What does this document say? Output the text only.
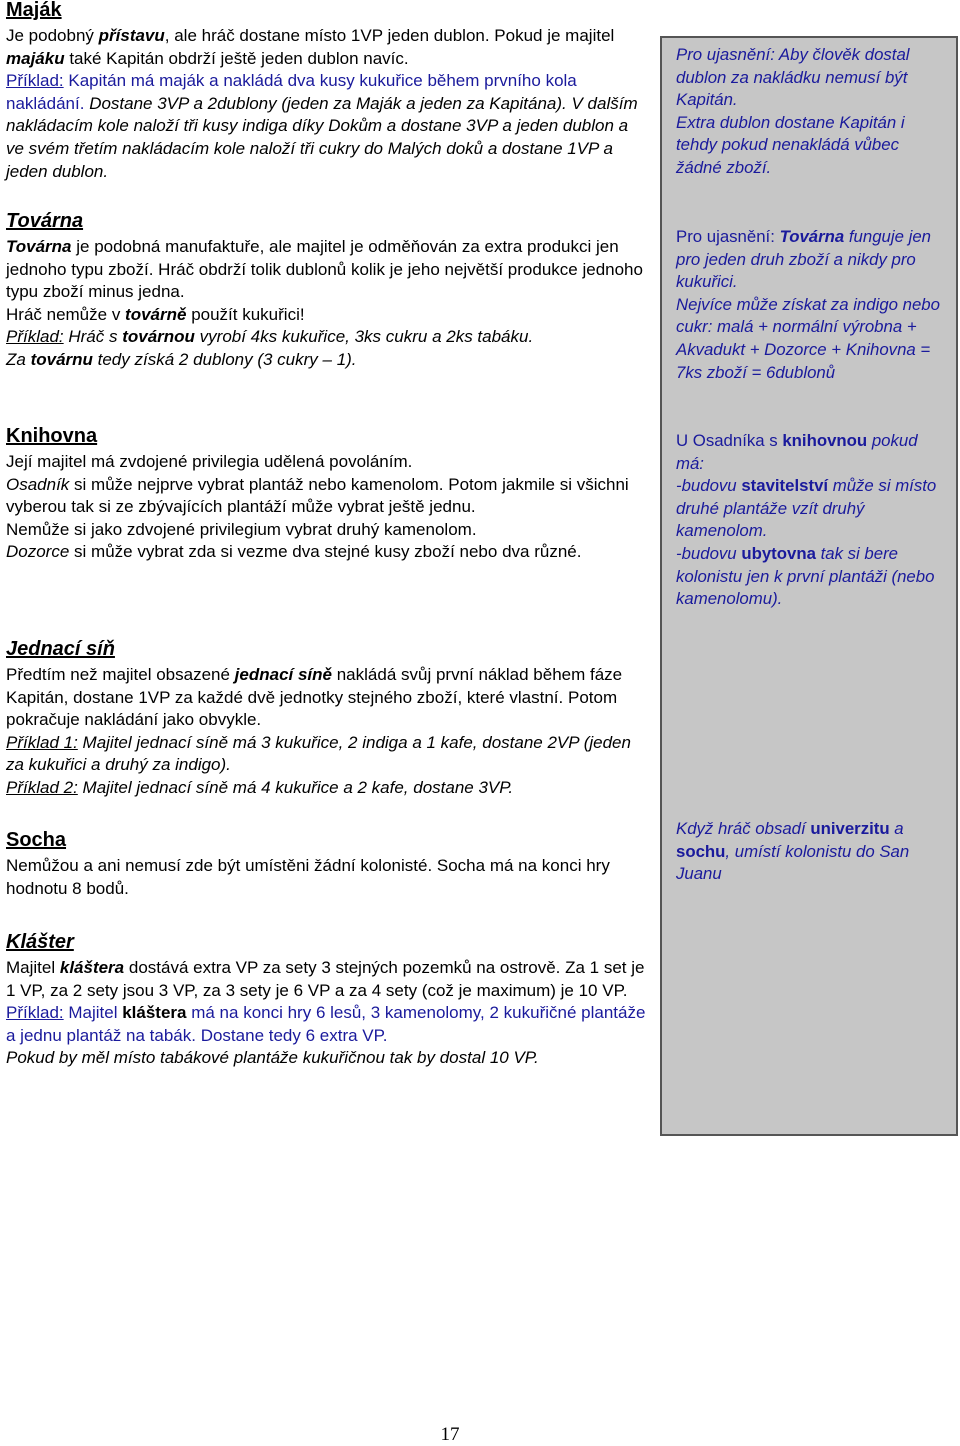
Maják

Je podobný přístavu, ale hráč dostane místo 1VP jeden dublon. Pokud je majitel majáku také Kapitán obdrží ještě jeden dublon navíc.
Příklad: Kapitán má maják a nakládá dva kusy kukuřice během prvního kola nakládání. Dostane 3VP a 2dublony (jeden za Maják a jeden za Kapitána). V dalším nakládacím kole naloží tři kusy indiga díky Dokům a dostane 3VP a jeden dublon a ve svém třetím nakládacím kole naloží tři cukry do Malých doků a dostane 1VP a jeden dublon.

Továrna

Továrna je podobná manufaktuře, ale majitel je odměňován za extra produkci jen jednoho typu zboží. Hráč obdrží tolik dublonů kolik je jeho největší produkce jednoho typu zboží minus jedna.
Hráč nemůže v továrně použít kukuřici!
Příklad: Hráč s továrnou vyrobí 4ks kukuřice, 3ks cukru a 2ks tabáku.
Za továrnu tedy získá 2 dublony (3 cukry – 1).

Knihovna

Její majitel má zvdojené privilegia udělená povoláním.
Osadník si může nejprve vybrat plantáž nebo kamenolom. Potom jakmile si všichni vyberou tak si ze zbývajících plantáží může vybrat ještě jednu.
Nemůže si jako zdvojené privilegium vybrat druhý kamenolom.
Dozorce si může vybrat zda si vezme dva stejné kusy zboží nebo dva různé.

Jednací síň

Předtím než majitel obsazené jednací síně nakládá svůj první náklad během fáze Kapitán, dostane 1VP za každé dvě jednotky stejného zboží, které vlastní. Potom pokračuje nakládání jako obvykle.
Příklad 1: Majitel jednací síně má 3 kukuřice, 2 indiga a 1 kafe, dostane 2VP (jeden za kukuřici a druhý za indigo).
Příklad 2: Majitel jednací síně má 4 kukuřice a 2 kafe, dostane 3VP.

Socha

Nemůžou a ani nemusí zde být umístěni žádní kolonisté. Socha má na konci hry hodnotu 8 bodů.

Klášter

Majitel kláštera dostává extra VP za sety 3 stejných pozemků na ostrově. Za 1 set je 1 VP, za 2 sety jsou 3 VP, za 3 sety je 6 VP a za 4 sety (což je maximum) je 10 VP.
Příklad: Majitel kláštera má na konci hry 6 lesů, 3 kamenolomy, 2 kukuřičné plantáže a jednu plantáž na tabák. Dostane tedy 6 extra VP.
Pokud by měl místo tabákové plantáže kukuřičnou tak by dostal 10 VP.

Pro ujasnění: Aby člověk dostal dublon za nakládku nemusí být Kapitán.
Extra dublon dostane Kapitán i tehdy pokud nenakládá vůbec žádné zboží.
Pro ujasnění: Továrna funguje jen pro jeden druh zboží a nikdy pro kukuřici.
Nejvíce může získat za indigo nebo cukr: malá + normální výrobna + Akvadukt + Dozorce + Knihovna = 7ks zboží = 6dublonů
U Osadníka s knihovnou pokud má:
-budovu stavitelství může si místo druhé plantáže vzít druhý kamenolom.
-budovu ubytovna tak si bere kolonistu jen k první plantáži (nebo kamenolomu).
Když hráč obsadí univerzitu a sochu, umístí kolonistu do San Juanu
17
